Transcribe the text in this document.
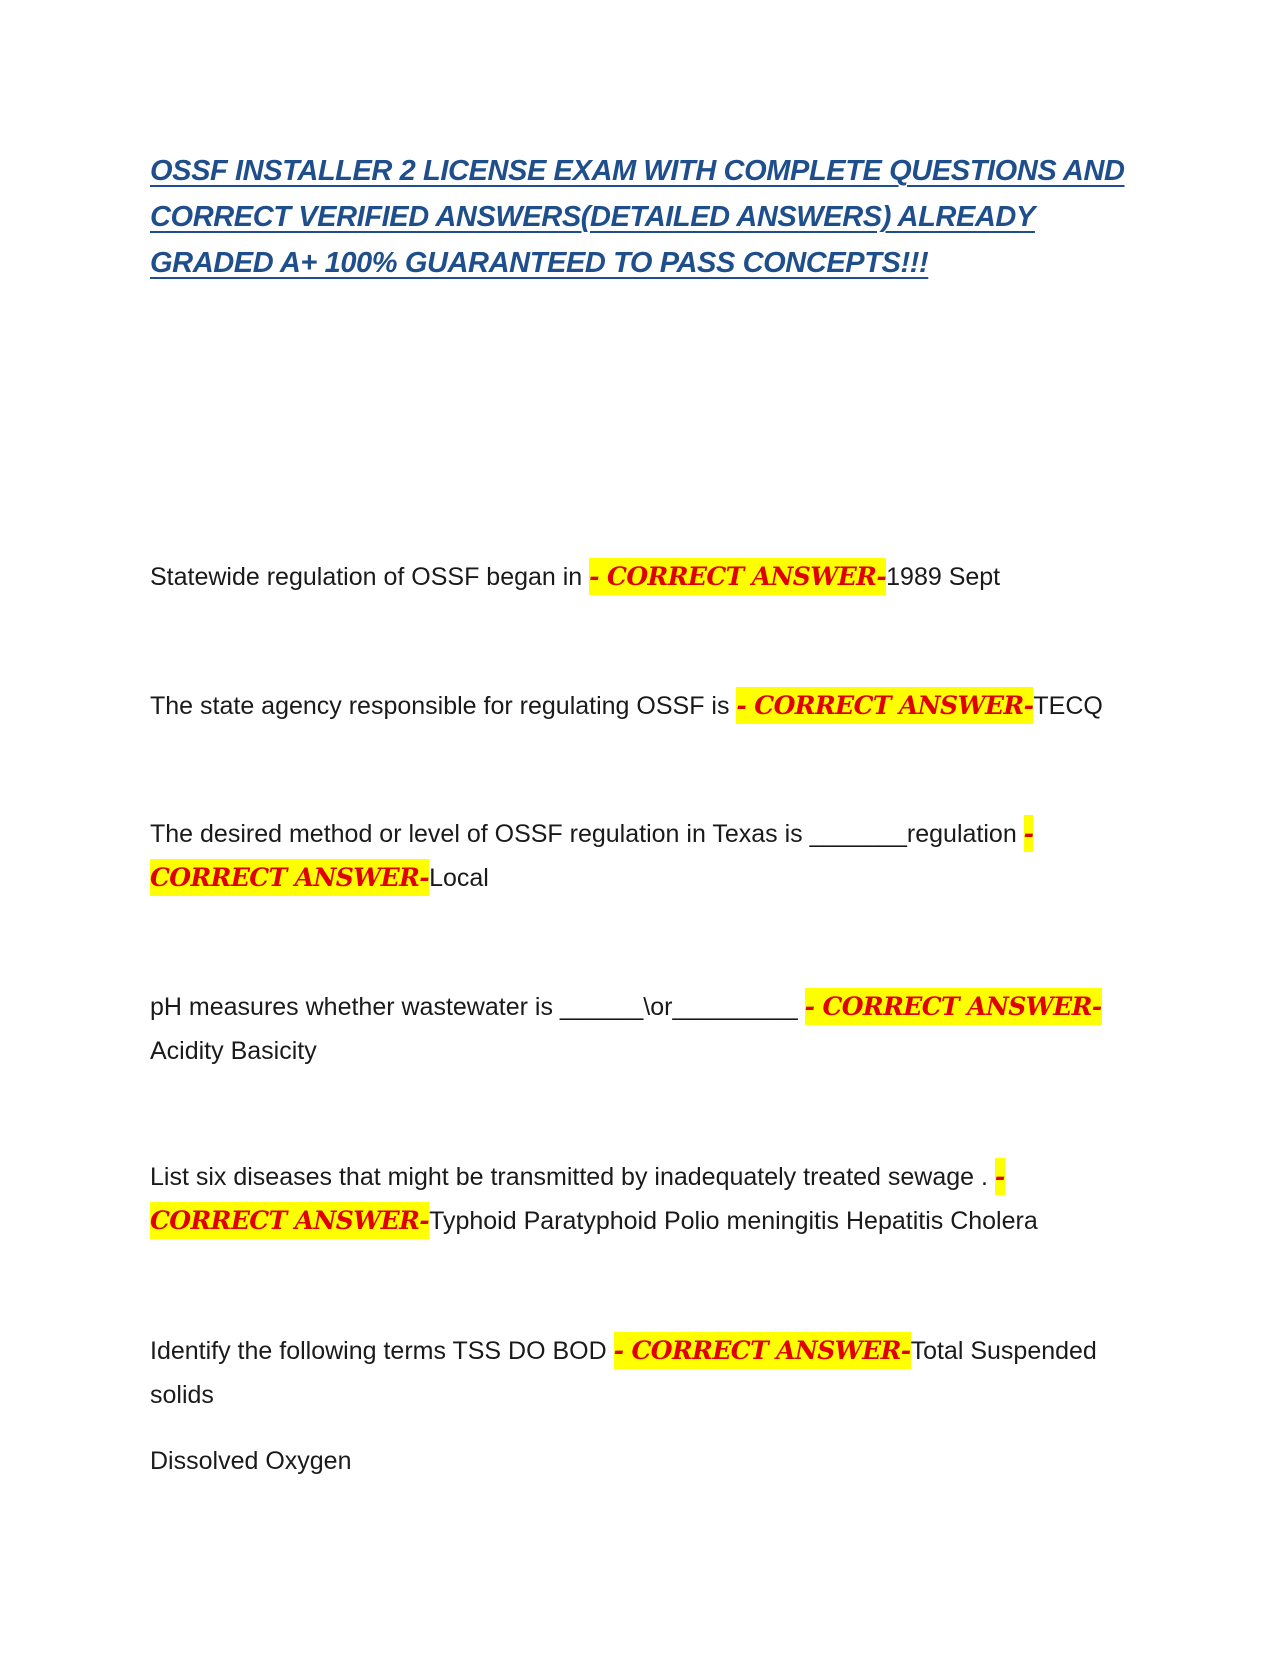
OSSF INSTALLER 2 LICENSE EXAM WITH COMPLETE QUESTIONS AND CORRECT VERIFIED ANSWERS(DETAILED ANSWERS) ALREADY GRADED A+ 100% GUARANTEED TO PASS CONCEPTS!!!

Statewide regulation of OSSF began in - CORRECT ANSWER-1989 Sept

The state agency responsible for regulating OSSF is - CORRECT ANSWER-TECQ

The desired method or level of OSSF regulation in Texas is _______regulation - CORRECT ANSWER-Local

pH measures whether wastewater is ______\or_________ - CORRECT ANSWER-
Acidity Basicity

List six diseases that might be transmitted by inadequately treated sewage . - CORRECT ANSWER-Typhoid Paratyphoid Polio meningitis Hepatitis Cholera

Identify the following terms TSS DO BOD - CORRECT ANSWER-Total Suspended solids

Dissolved Oxygen
